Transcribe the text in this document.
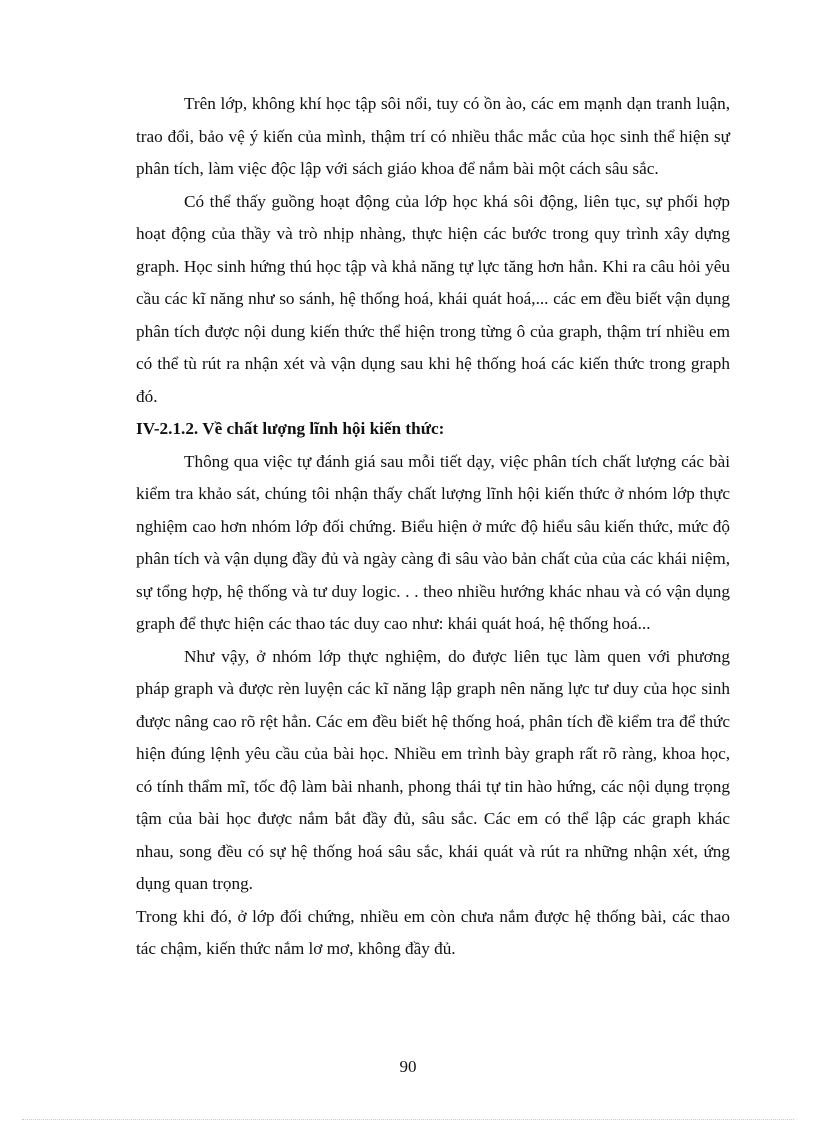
Trên lớp, không khí học tập sôi nổi, tuy có ồn ào, các em mạnh dạn tranh luận, trao đổi, bảo vệ ý kiến của mình, thậm trí có nhiều thắc mắc của học sinh thể hiện sự phân tích, làm việc độc lập với sách giáo khoa để nắm bài một cách sâu sắc.

Có thể thấy guồng hoạt động của lớp học khá sôi động, liên tục, sự phối hợp hoạt động của thầy và trò nhịp nhàng, thực hiện các bước trong quy trình xây dựng graph. Học sinh hứng thú học tập và khả năng tự lực tăng hơn hẳn. Khi ra câu hỏi yêu cầu các kĩ năng như so sánh, hệ thống hoá, khái quát hoá,... các em đều biết vận dụng phân tích được nội dung kiến thức thể hiện trong từng ô của graph, thậm trí nhiều em có thể tù rút ra nhận xét và vận dụng sau khi hệ thống hoá các kiến thức trong graph đó.

IV-2.1.2. Về chất lượng lĩnh hội kiến thức:

Thông qua việc tự đánh giá sau mỗi tiết dạy, việc phân tích chất lượng các bài kiểm tra khảo sát, chúng tôi nhận thấy chất lượng lĩnh hội kiến thức ở nhóm lớp thực nghiệm cao hơn nhóm lớp đối chứng. Biểu hiện ở mức độ hiểu sâu kiến thức, mức độ phân tích và vận dụng đầy đủ và ngày càng đi sâu vào bản chất của của các khái niệm, sự tổng hợp, hệ thống và tư duy logic. . . theo nhiều hướng khác nhau và có vận dụng graph để thực hiện các thao tác duy cao như: khái quát hoá, hệ thống hoá...

Như vậy, ở nhóm lớp thực nghiệm, do được liên tục làm quen với phương pháp graph và được rèn luyện các kĩ năng lập graph nên năng lực tư duy của học sinh được nâng cao rõ rệt hẳn. Các em đều biết hệ thống hoá, phân tích đề kiểm tra để thức hiện đúng lệnh yêu cầu của bài học. Nhiều em trình bày graph rất rõ ràng, khoa học, có tính thẩm mĩ, tốc độ làm bài nhanh, phong thái tự tin hào hứng, các nội dụng trọng tậm của bài học được nắm bắt đầy đủ, sâu sắc. Các em có thể lập các graph khác nhau, song đều có sự hệ thống hoá sâu sắc, khái quát và rút ra những nhận xét, ứng dụng quan trọng.

Trong khi đó, ở lớp đối chứng, nhiều em còn chưa nắm được hệ thống bài, các thao tác chậm, kiến thức nắm lơ mơ, không đầy đủ.

90
